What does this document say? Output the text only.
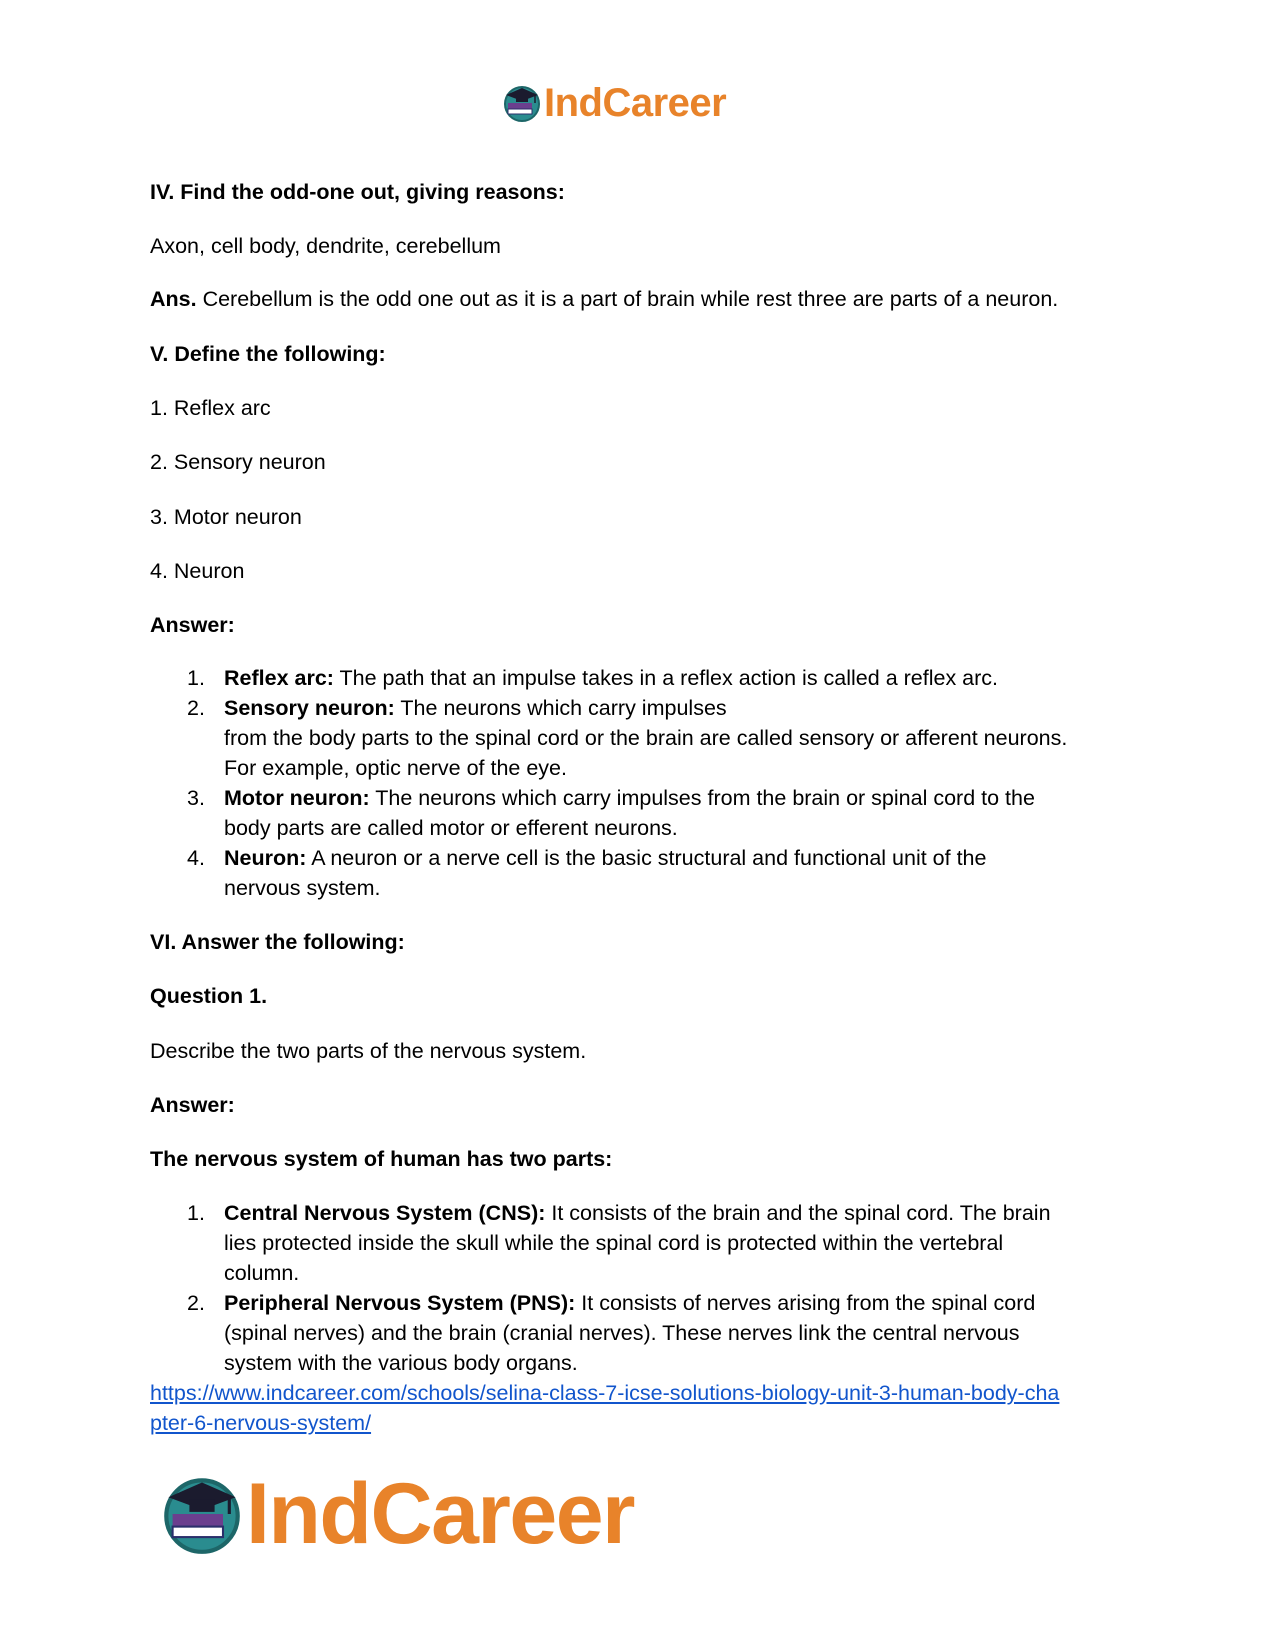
IndCareer
IV. Find the odd-one out, giving reasons:
Axon, cell body, dendrite, cerebellum
Ans. Cerebellum is the odd one out as it is a part of brain while rest three are parts of a neuron.
V. Define the following:
1. Reflex arc
2. Sensory neuron
3. Motor neuron
4. Neuron
Answer:
1. Reflex arc: The path that an impulse takes in a reflex action is called a reflex arc.
2. Sensory neuron: The neurons which carry impulses
from the body parts to the spinal cord or the brain are called sensory or afferent neurons.
For example, optic nerve of the eye.
3. Motor neuron: The neurons which carry impulses from the brain or spinal cord to the
body parts are called motor or efferent neurons.
4. Neuron: A neuron or a nerve cell is the basic structural and functional unit of the
nervous system.
VI. Answer the following:
Question 1.
Describe the two parts of the nervous system.
Answer:
The nervous system of human has two parts:
1. Central Nervous System (CNS): It consists of the brain and the spinal cord. The brain
lies protected inside the skull while the spinal cord is protected within the vertebral
column.
2. Peripheral Nervous System (PNS): It consists of nerves arising from the spinal cord
(spinal nerves) and the brain (cranial nerves). These nerves link the central nervous
system with the various body organs.
https://www.indcareer.com/schools/selina-class-7-icse-solutions-biology-unit-3-human-body-cha
pter-6-nervous-system/
IndCareer
